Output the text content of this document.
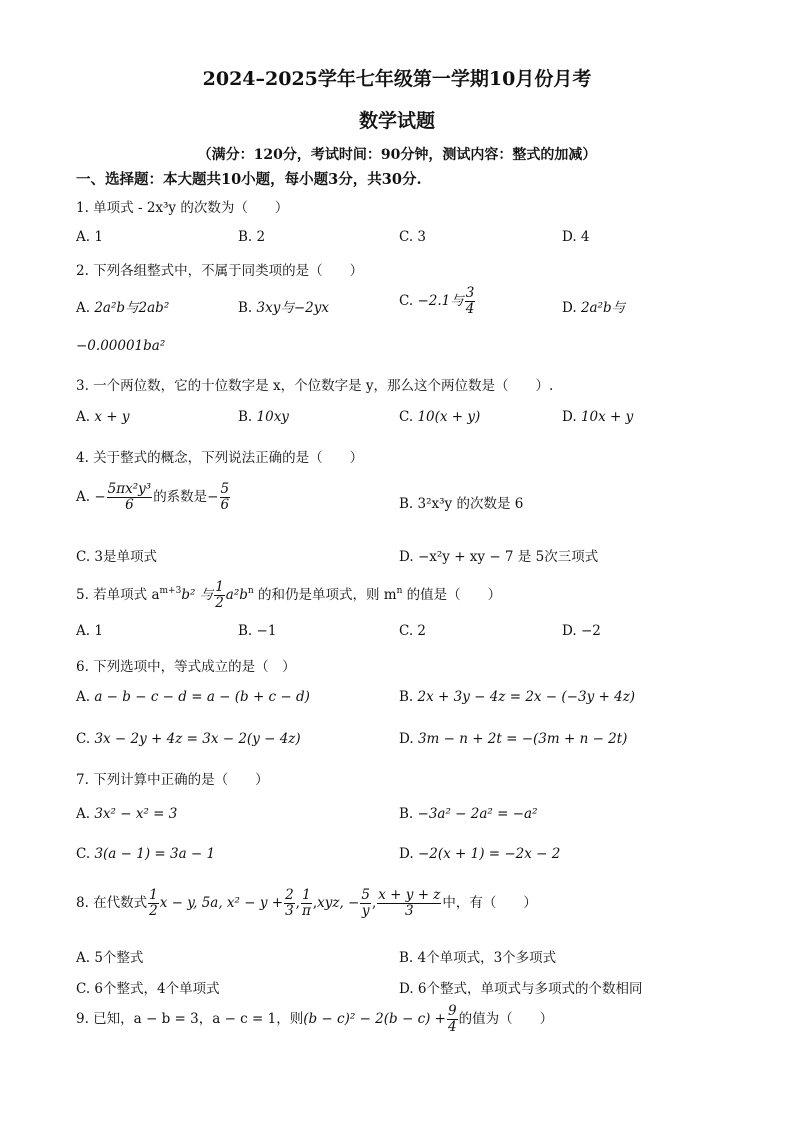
2024–2025学年七年级第一学期10月份月考
数学试题
（满分：120分，考试时间：90分钟，测试内容：整式的加减）
一、选择题：本大题共10小题，每小题3分，共30分.
1. 单项式 - 2x³y 的次数为（　　）
A. 1	B. 2	C. 3	D. 4
2. 下列各组整式中，不属于同类项的是（　　）
A. 2a²b与2ab²	B. 3xy与−2yx	C. −2.1与 $\frac{3}{4}$	D. 2a²b与
−0.00001ba²
3. 一个两位数，它的十位数字是 x，个位数字是 y，那么这个两位数是（　　）.
A. x + y	B. 10xy	C. 10(x + y)	D. 10x + y
4. 关于整式的概念，下列说法正确的是（　　）
A. − $\frac{\text{5πx²y³}}{6}$ 的系数是− $\frac{5}{6}$	B. 3²x³y 的次数是 6
C. 3是单项式	D. −x²y + xy − 7 是 5次三项式
5. 若单项式 $a^{m+3}b^2$ 与 $\frac{1}{2} a^2b^n$ 的和仍是单项式，则 $m^n$ 的值是（　　）
A. 1	B. −1	C. 2	D. −2
6. 下列选项中，等式成立的是（　）
A. a − b − c − d = a − (b + c − d)	B. 2x + 3y − 4z = 2x − (−3y + 4z)
C. 3x − 2y + 4z = 3x − 2(y − 4z)	D. 3m − n + 2t = −(3m + n − 2t)
7. 下列计算中正确的是（　　）
A. 3x² − x² = 3	B. −3a² − 2a² = −a²
C. 3(a − 1) = 3a − 1	D. −2(x + 1) = −2x − 2
8. 在代数式 $\frac{1}{2}$ x − y, 5a, $x^2 - y + \frac{2}{3}$ , $\frac{1}{\pi} ,xyz$, − $\frac{5}{y}$ , $\frac{x + y + z}{3}$ 中，有（　　）
A. 5个整式	B. 4个单项式，3个多项式
C. 6个整式，4个单项式	D. 6个整式，单项式与多项式的个数相同
9. 已知，a − b = 3，a − c = 1，则$(b - c)^2 - 2(b - c) + \frac{9}{4}$ 的值为（　　）
